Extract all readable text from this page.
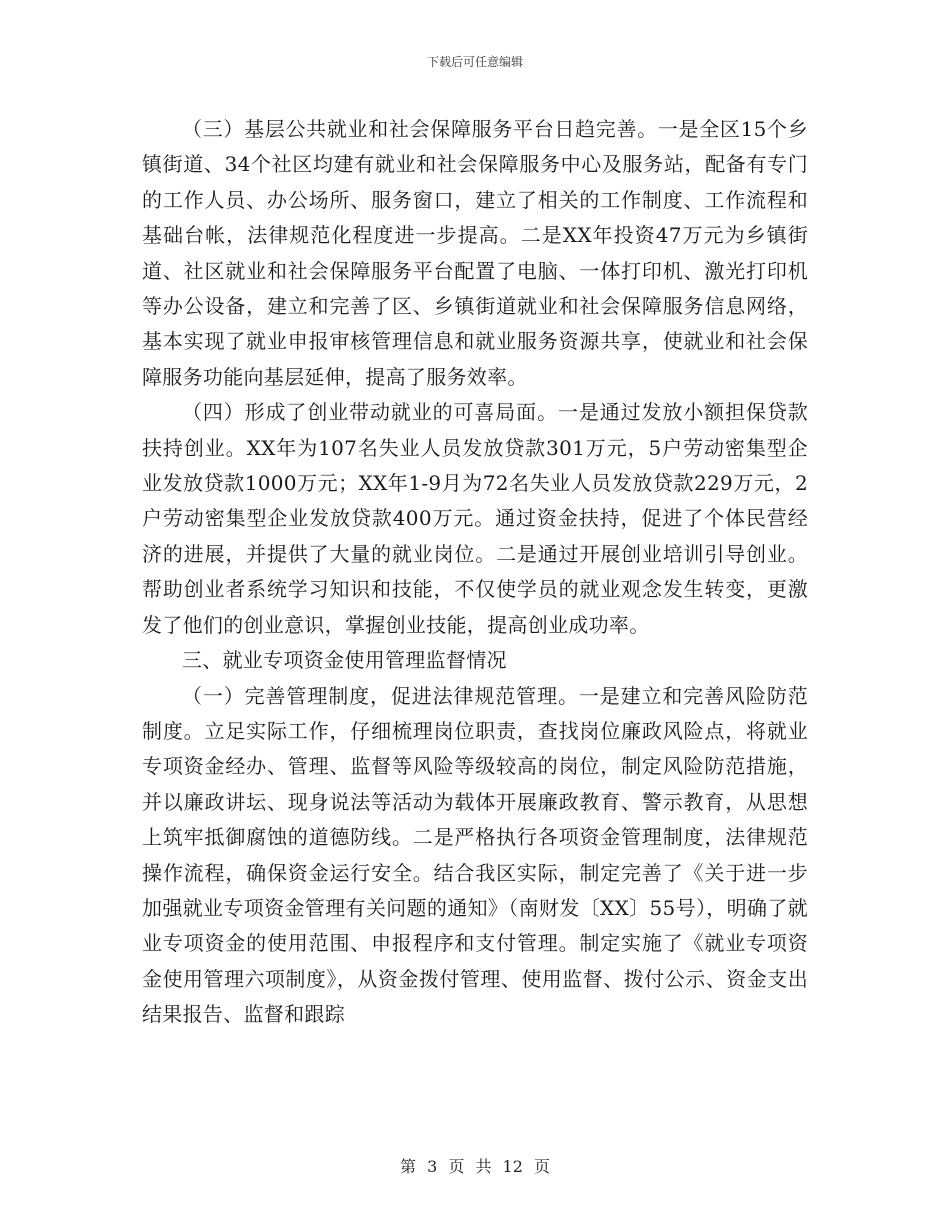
下载后可任意编辑

（三）基层公共就业和社会保障服务平台日趋完善。一是全区15个乡镇街道、34个社区均建有就业和社会保障服务中心及服务站，配备有专门的工作人员、办公场所、服务窗口，建立了相关的工作制度、工作流程和基础台帐，法律规范化程度进一步提高。二是XX年投资47万元为乡镇街道、社区就业和社会保障服务平台配置了电脑、一体打印机、激光打印机等办公设备，建立和完善了区、乡镇街道就业和社会保障服务信息网络，基本实现了就业申报审核管理信息和就业服务资源共享，使就业和社会保障服务功能向基层延伸，提高了服务效率。

（四）形成了创业带动就业的可喜局面。一是通过发放小额担保贷款扶持创业。XX年为107名失业人员发放贷款301万元，5户劳动密集型企业发放贷款1000万元；XX年1-9月为72名失业人员发放贷款229万元，2户劳动密集型企业发放贷款400万元。通过资金扶持，促进了个体民营经济的进展，并提供了大量的就业岗位。二是通过开展创业培训引导创业。帮助创业者系统学习知识和技能，不仅使学员的就业观念发生转变，更激发了他们的创业意识，掌握创业技能，提高创业成功率。

三、就业专项资金使用管理监督情况

（一）完善管理制度，促进法律规范管理。一是建立和完善风险防范制度。立足实际工作，仔细梳理岗位职责，查找岗位廉政风险点，将就业专项资金经办、管理、监督等风险等级较高的岗位，制定风险防范措施，并以廉政讲坛、现身说法等活动为载体开展廉政教育、警示教育，从思想上筑牢抵御腐蚀的道德防线。二是严格执行各项资金管理制度，法律规范操作流程，确保资金运行安全。结合我区实际，制定完善了《关于进一步加强就业专项资金管理有关问题的通知》（南财发〔XX〕55号），明确了就业专项资金的使用范围、申报程序和支付管理。制定实施了《就业专项资金使用管理六项制度》，从资金拨付管理、使用监督、拨付公示、资金支出结果报告、监督和跟踪

第 3 页 共 12 页
